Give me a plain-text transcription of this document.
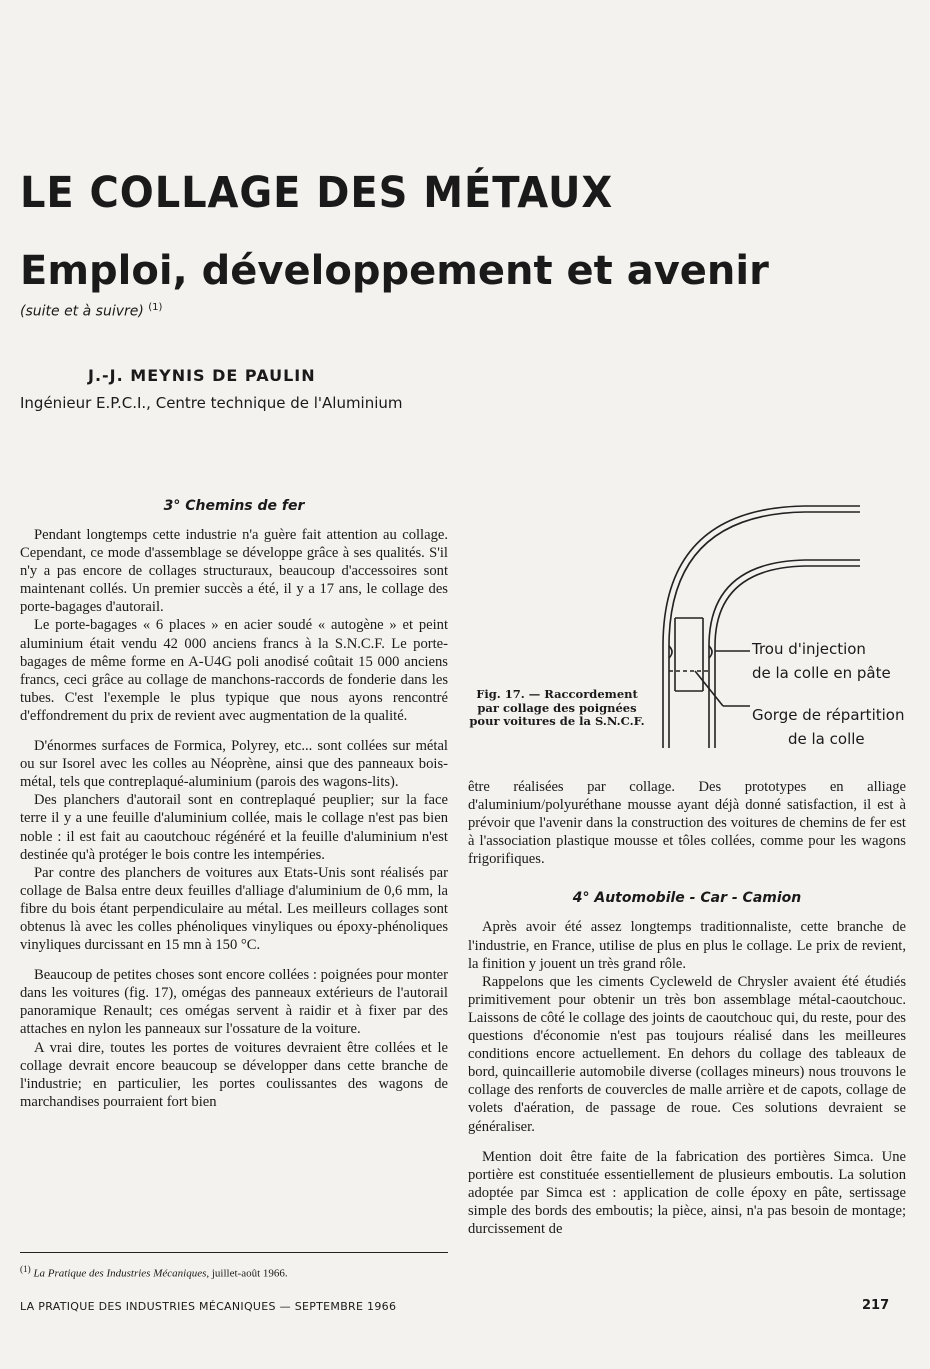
LE COLLAGE DES MÉTAUX
Emploi, développement et avenir
(suite et à suivre) $^{(1)}$
J.-J. MEYNIS DE PAULIN
Ingénieur E.P.C.I., Centre technique de l'Aluminium
3° Chemins de fer

Pendant longtemps cette industrie n'a guère fait attention au collage. Cependant, ce mode d'assemblage se développe grâce à ses qualités. S'il n'y a pas encore de collages structuraux, beaucoup d'accessoires sont maintenant collés. Un premier succès a été, il y a 17 ans, le collage des porte-bagages d'autorail.

Le porte-bagages « 6 places » en acier soudé « autogène » et peint aluminium était vendu 42 000 anciens francs à la S.N.C.F. Le porte-bagages de même forme en A-U4G poli anodisé coûtait 15 000 anciens francs, ceci grâce au collage de manchons-raccords de fonderie dans les tubes. C'est l'exemple le plus typique que nous ayons rencontré d'effondrement du prix de revient avec augmentation de la qualité.

D'énormes surfaces de Formica, Polyrey, etc... sont collées sur métal ou sur Isorel avec les colles au Néoprène, ainsi que des panneaux bois-métal, tels que contreplaqué-aluminium (parois des wagons-lits).

Des planchers d'autorail sont en contreplaqué peuplier; sur la face terre il y a une feuille d'aluminium collée, mais le collage n'est pas bien noble : il est fait au caoutchouc régénéré et la feuille d'aluminium n'est destinée qu'à protéger le bois contre les intempéries.

Par contre des planchers de voitures aux Etats-Unis sont réalisés par collage de Balsa entre deux feuilles d'alliage d'aluminium de 0,6 mm, la fibre du bois étant perpendiculaire au métal. Les meilleurs collages sont obtenus là avec les colles phénoliques vinyliques ou époxy-phénoliques vinyliques durcissant en 15 mn à 150 °C.

Beaucoup de petites choses sont encore collées : poignées pour monter dans les voitures (fig. 17), omégas des panneaux extérieurs de l'autorail panoramique Renault; ces omégas servent à raidir et à fixer par des attaches en nylon les panneaux sur l'ossature de la voiture.

A vrai dire, toutes les portes de voitures devraient être collées et le collage devrait encore beaucoup se développer dans cette branche de l'industrie; en particulier, les portes coulissantes des wagons de marchandises pourraient fort bien

Fig. 17. — Raccordement par collage des poignées pour voitures de la S.N.C.F.
Trou d'injection
de la colle en pâte
Gorge de répartition
de la colle

être réalisées par collage. Des prototypes en alliage d'aluminium/polyuréthane mousse ayant déjà donné satisfaction, il est à prévoir que l'avenir dans la construction des voitures de chemins de fer est à l'association plastique mousse et tôles collées, comme pour les wagons frigorifiques.

4° Automobile - Car - Camion

Après avoir été assez longtemps traditionnaliste, cette branche de l'industrie, en France, utilise de plus en plus le collage. Le prix de revient, la finition y jouent un très grand rôle.

Rappelons que les ciments Cycleweld de Chrysler avaient été étudiés primitivement pour obtenir un très bon assemblage métal-caoutchouc. Laissons de côté le collage des joints de caoutchouc qui, du reste, pour des questions d'économie n'est pas toujours réalisé dans les meilleures conditions encore actuellement. En dehors du collage des tableaux de bord, quincaillerie automobile diverse (collages mineurs) nous trouvons le collage des renforts de couvercles de malle arrière et de capots, collage de volets d'aération, de passage de roue. Ces solutions devraient se généraliser.

Mention doit être faite de la fabrication des portières Simca. Une portière est constituée essentiellement de plusieurs emboutis. La solution adoptée par Simca est : application de colle époxy en pâte, sertissage simple des bords des emboutis; la pièce, ainsi, n'a pas besoin de montage; durcissement de

$^{(1)}$ La Pratique des Industries Mécaniques, juillet-août 1966.
LA PRATIQUE DES INDUSTRIES MÉCANIQUES — SEPTEMBRE 1966	217
